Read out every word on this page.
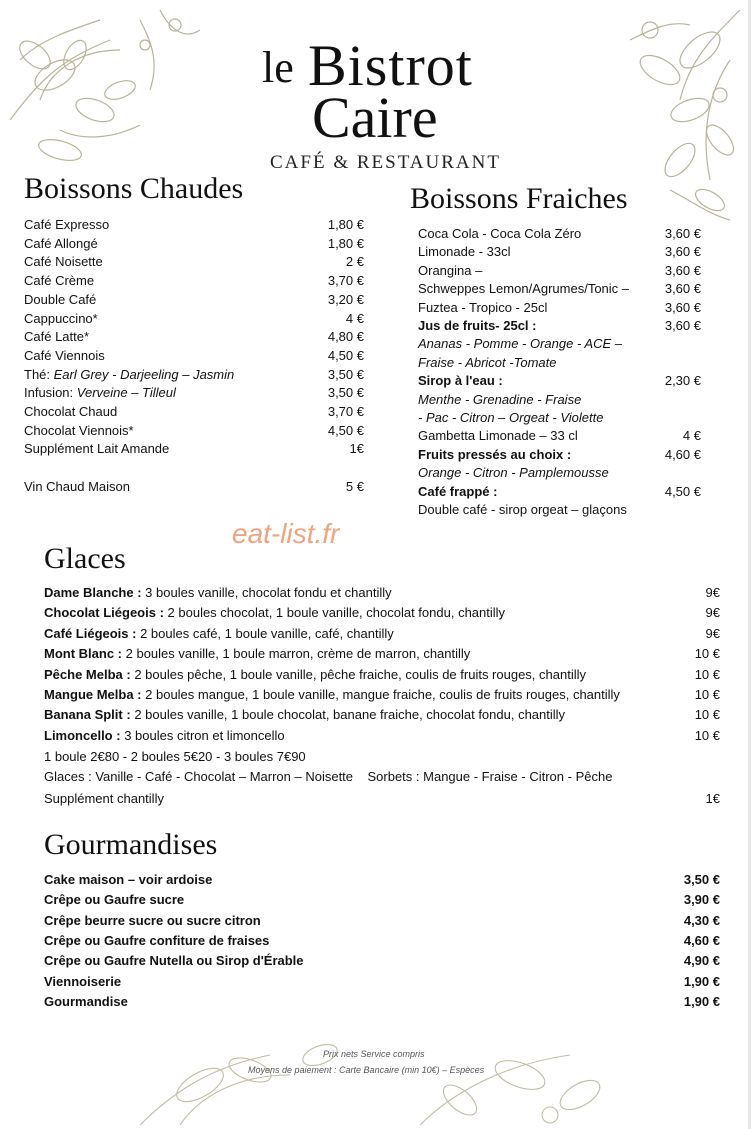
le Bistrot
Caire
CAFÉ & RESTAURANT
Boissons Chaudes
Café Expresso	1,80 €
Café Allongé	1,80 €
Café Noisette	2 €
Café Crème	3,70 €
Double Café	3,20 €
Cappuccino*	4 €
Café Latte*	4,80 €
Café Viennois	4,50 €
Thé: Earl Grey - Darjeeling – Jasmin	3,50 €
Infusion: Verveine – Tilleul	3,50 €
Chocolat Chaud	3,70 €
Chocolat Viennois*	4,50 €
Supplément Lait Amande	1€
Vin Chaud Maison	5 €
Boissons Fraiches
Coca Cola - Coca Cola Zéro	3,60 €
Limonade - 33cl	3,60 €
Orangina –	3,60 €
Schweppes Lemon/Agrumes/Tonic –	3,60 €
Fuztea - Tropico - 25cl	3,60 €
Jus de fruits- 25cl :	3,60 €
Ananas - Pomme - Orange - ACE –
Fraise - Abricot -Tomate
Sirop à l'eau :	2,30 €
Menthe - Grenadine - Fraise
- Pac - Citron – Orgeat - Violette
Gambetta Limonade – 33 cl	4 €
Fruits pressés au choix :	4,60 €
Orange - Citron - Pamplemousse
Café frappé :	4,50 €
Double café - sirop orgeat – glaçons
eat-list.fr
Glaces
Dame Blanche : 3 boules vanille, chocolat fondu et chantilly	9€
Chocolat Liégeois : 2 boules chocolat, 1 boule vanille, chocolat fondu, chantilly	9€
Café Liégeois : 2 boules café, 1 boule vanille, café, chantilly	9€
Mont Blanc : 2 boules vanille, 1 boule marron, crème de marron, chantilly	10 €
Pêche Melba : 2 boules pêche, 1 boule vanille, pêche fraiche, coulis de fruits rouges, chantilly	10 €
Mangue Melba : 2 boules mangue, 1 boule vanille, mangue fraiche, coulis de fruits rouges, chantilly	10 €
Banana Split : 2 boules vanille, 1 boule chocolat, banane fraiche, chocolat fondu, chantilly	10 €
Limoncello : 3 boules citron et limoncello	10 €
1 boule 2€80 - 2 boules 5€20 - 3 boules 7€90
Glaces : Vanille - Café - Chocolat – Marron – Noisette Sorbets : Mangue - Fraise - Citron - Pêche
Supplément chantilly	1€
Gourmandises
Cake maison – voir ardoise	3,50 €
Crêpe ou Gaufre sucre	3,90 €
Crêpe beurre sucre ou sucre citron	4,30 €
Crêpe ou Gaufre confiture de fraises	4,60 €
Crêpe ou Gaufre Nutella ou Sirop d'Érable	4,90 €
Viennoiserie	1,90 €
Gourmandise	1,90 €
Prix nets Service compris
Moyens de paiement : Carte Bancaire (min 10€) – Espèces
